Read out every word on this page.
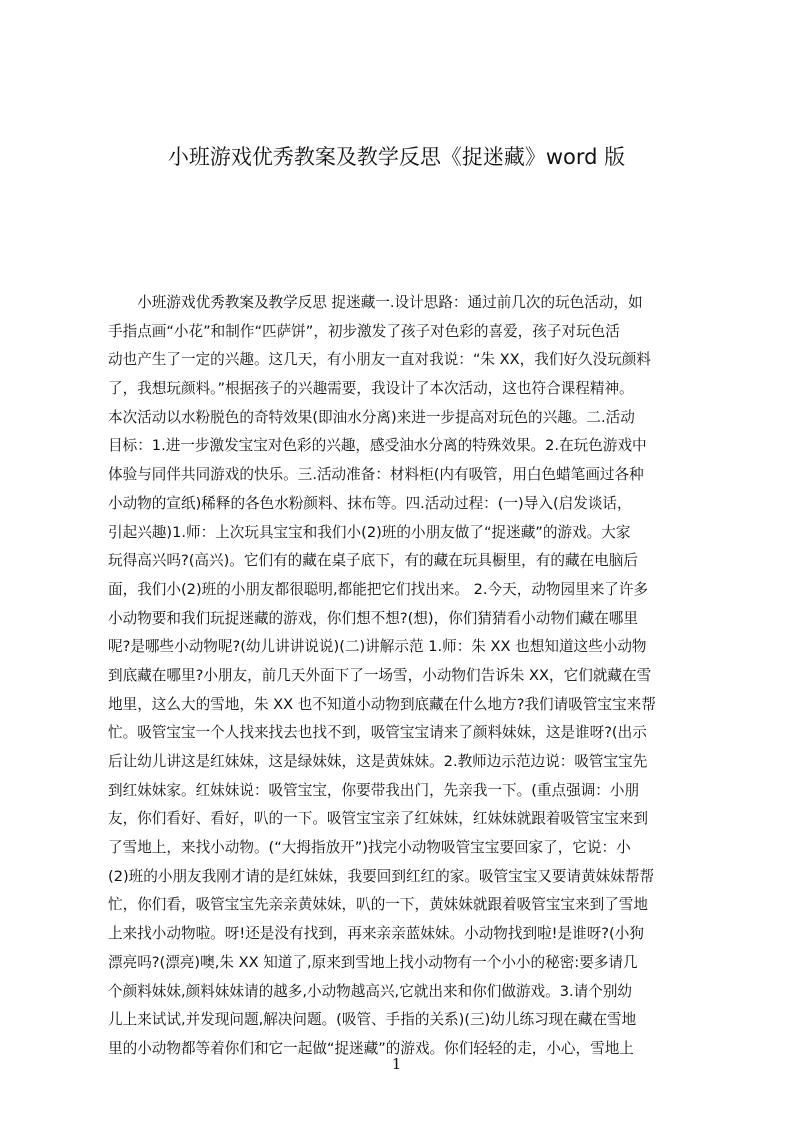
小班游戏优秀教案及教学反思《捉迷藏》word 版
　　小班游戏优秀教案及教学反思 捉迷藏一.设计思路：通过前几次的玩色活动，如
手指点画“小花”和制作“匹萨饼”，初步激发了孩子对色彩的喜爱，孩子对玩色活
动也产生了一定的兴趣。这几天，有小朋友一直对我说：“朱 XX，我们好久没玩颜料
了，我想玩颜料。”根据孩子的兴趣需要，我设计了本次活动，这也符合课程精神。
本次活动以水粉脱色的奇特效果(即油水分离)来进一步提高对玩色的兴趣。二.活动
目标：1.进一步激发宝宝对色彩的兴趣，感受油水分离的特殊效果。2.在玩色游戏中
体验与同伴共同游戏的快乐。三.活动准备：材料柜(内有吸管，用白色蜡笔画过各种
小动物的宣纸)稀释的各色水粉颜料、抹布等。四.活动过程：(一)导入(启发谈话，
引起兴趣)1.师：上次玩具宝宝和我们小(2)班的小朋友做了“捉迷藏”的游戏。大家
玩得高兴吗?(高兴)。它们有的藏在桌子底下，有的藏在玩具橱里，有的藏在电脑后
面，我们小(2)班的小朋友都很聪明,都能把它们找出来。 2.今天，动物园里来了许多
小动物要和我们玩捉迷藏的游戏，你们想不想?(想)，你们猜猜看小动物们藏在哪里
呢?是哪些小动物呢?(幼儿讲讲说说)(二)讲解示范 1.师：朱 XX 也想知道这些小动物
到底藏在哪里?小朋友，前几天外面下了一场雪，小动物们告诉朱 XX，它们就藏在雪
地里，这么大的雪地，朱 XX 也不知道小动物到底藏在什么地方?我们请吸管宝宝来帮
忙。吸管宝宝一个人找来找去也找不到，吸管宝宝请来了颜料妹妹，这是谁呀?(出示
后让幼儿讲这是红妹妹，这是绿妹妹，这是黄妹妹。2.教师边示范边说：吸管宝宝先
到红妹妹家。红妹妹说：吸管宝宝，你要带我出门，先亲我一下。(重点强调：小朋
友，你们看好、看好，叭的一下。吸管宝宝亲了红妹妹，红妹妹就跟着吸管宝宝来到
了雪地上，来找小动物。(“大拇指放开”)找完小动物吸管宝宝要回家了，它说：小
(2)班的小朋友我刚才请的是红妹妹，我要回到红红的家。吸管宝宝又要请黄妹妹帮帮
忙，你们看，吸管宝宝先亲亲黄妹妹，叭的一下，黄妹妹就跟着吸管宝宝来到了雪地
上来找小动物啦。呀!还是没有找到，再来亲亲蓝妹妹。小动物找到啦!是谁呀?(小狗
漂亮吗?(漂亮)噢,朱 XX 知道了,原来到雪地上找小动物有一个小小的秘密:要多请几
个颜料妹妹,颜料妹妹请的越多,小动物越高兴,它就出来和你们做游戏。3.请个别幼
儿上来试试,并发现问题,解决问题。(吸管、手指的关系)(三)幼儿练习现在藏在雪地
里的小动物都等着你们和它一起做“捉迷藏”的游戏。你们轻轻的走，小心，雪地上
1
